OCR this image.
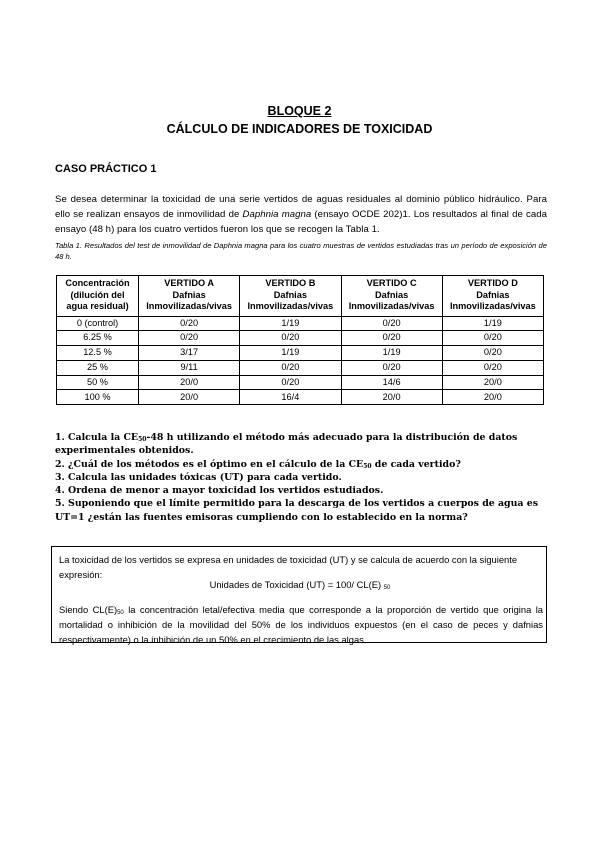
BLOQUE 2
CÁLCULO DE INDICADORES DE TOXICIDAD
CASO PRÁCTICO 1
Se desea determinar la toxicidad de una serie vertidos de aguas residuales al dominio público hidráulico. Para ello se realizan ensayos de inmovilidad de Daphnia magna (ensayo OCDE 202)1. Los resultados al final de cada ensayo (48 h) para los cuatro vertidos fueron los que se recogen la Tabla 1.
Tabla 1. Resultados del test de inmovilidad de Daphnia magna para los cuatro muestras de vertidos estudiadas tras un período de exposición de 48 h.
Concentración
(dilución del
agua residual)	VERTIDO A
Dafnias
Inmovilizadas/vivas	VERTIDO B
Dafnias
Inmovilizadas/vivas	VERTIDO C
Dafnias
Inmovilizadas/vivas	VERTIDO D
Dafnias
Inmovilizadas/vivas

0 (control)	0/20	1/19	0/20	1/19
6.25 %	0/20	0/20	0/20	0/20
12.5 %	3/17	1/19	1/19	0/20
25 %	9/11	0/20	0/20	0/20
50 %	20/0	0/20	14/6	20/0
100 %	20/0	16/4	20/0	20/0

1. Calcula la $CE_{50}-48$ h utilizando el método más adecuado para la distribución de datos experimentales obtenidos.

2. ¿Cuál de los métodos es el óptimo en el cálculo de la $CE_{50}$ de cada vertido?

3. Calcula las unidades tóxicas (UT) para cada vertido.

4. Ordena de menor a mayor toxicidad los vertidos estudiados.

5. Suponiendo que el límite permitido para la descarga de los vertidos a cuerpos de agua es UT=1 ¿están las fuentes emisoras cumpliendo con lo establecido en la norma?

La toxicidad de los vertidos se expresa en unidades de toxicidad (UT) y se calcula de acuerdo con la siguiente expresión:
Unidades de Toxicidad (UT) = 100/ CL(E) $_{50}$
Siendo $CL(E)_{50}$ la concentración letal/efectiva media que corresponde a la proporción de vertido que origina la mortalidad o inhibición de la movilidad del 50% de los individuos expuestos (en el caso de peces y dafnias respectivamente) o la inhibición de un 50% en el crecimiento de las algas.
